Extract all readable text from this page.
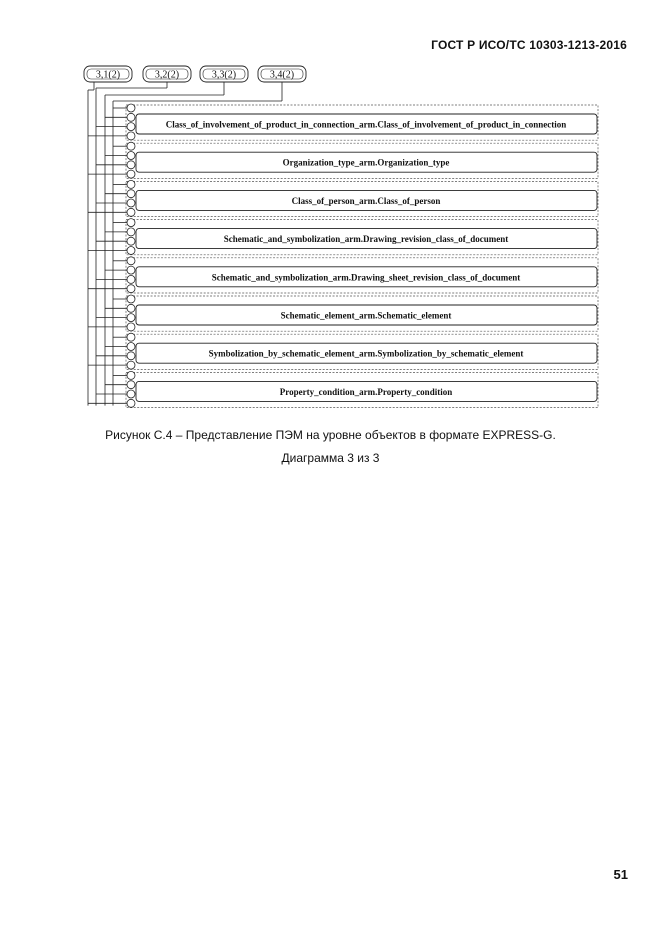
ГОСТ Р ИСО/ТС 10303-1213-2016
3,1(2)	3,2(2)	3,3(2)	3,4(2)
Class_of_involvement_of_product_in_connection_arm.Class_of_involvement_of_product_in_connection
Organization_type_arm.Organization_type
Class_of_person_arm.Class_of_person
Schematic_and_symbolization_arm.Drawing_revision_class_of_document
Schematic_and_symbolization_arm.Drawing_sheet_revision_class_of_document
Schematic_element_arm.Schematic_element
Symbolization_by_schematic_element_arm.Symbolization_by_schematic_element
Property_condition_arm.Property_condition
Рисунок С.4 – Представление ПЭМ на уровне объектов в формате EXPRESS-G.
Диаграмма 3 из 3
51
